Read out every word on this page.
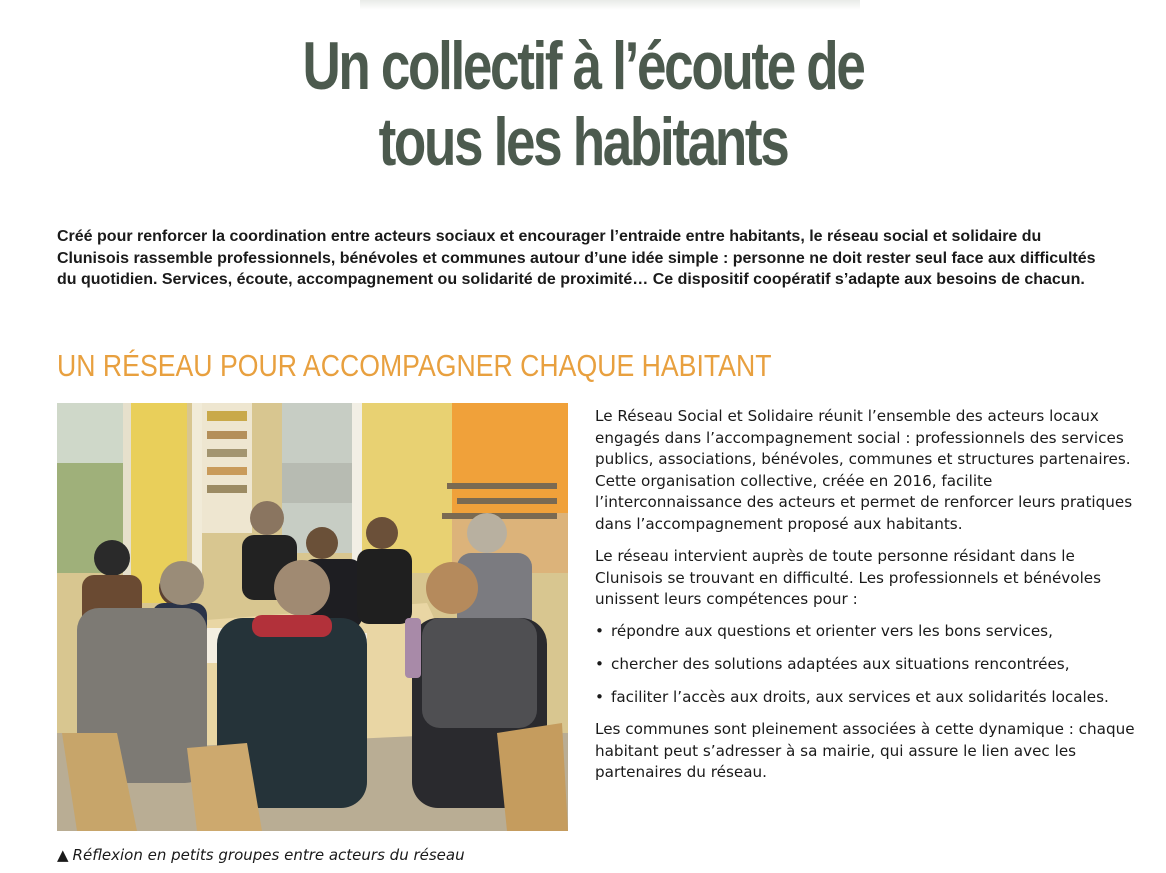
Un collectif à l’écoute de
tous les habitants

Créé pour renforcer la coordination entre acteurs sociaux et encourager l’entraide entre habitants, le réseau social et solidaire du Clunisois rassemble professionnels, bénévoles et communes autour d’une idée simple : personne ne doit rester seul face aux difficultés du quotidien. Services, écoute, accompagnement ou solidarité de proximité… Ce dispositif coopératif s’adapte aux besoins de chacun.

UN RÉSEAU POUR ACCOMPAGNER CHAQUE HABITANT
▲ Réflexion en petits groupes entre acteurs du réseau

Le Réseau Social et Solidaire réunit l’ensemble des acteurs locaux engagés dans l’accompagnement social : professionnels des services publics, associations, bénévoles, communes et structures partenaires. Cette organisation collective, créée en 2016, facilite l’interconnaissance des acteurs et permet de renforcer leurs pratiques dans l’accompagnement proposé aux habitants.

Le réseau intervient auprès de toute personne résidant dans le Clunisois se trouvant en difficulté. Les professionnels et bénévoles unissent leurs compétences pour :

• répondre aux questions et orienter vers les bons services,
• chercher des solutions adaptées aux situations rencontrées,
• faciliter l’accès aux droits, aux services et aux solidarités locales.

Les communes sont pleinement associées à cette dynamique : chaque habitant peut s’adresser à sa mairie, qui assure le lien avec les partenaires du réseau.
